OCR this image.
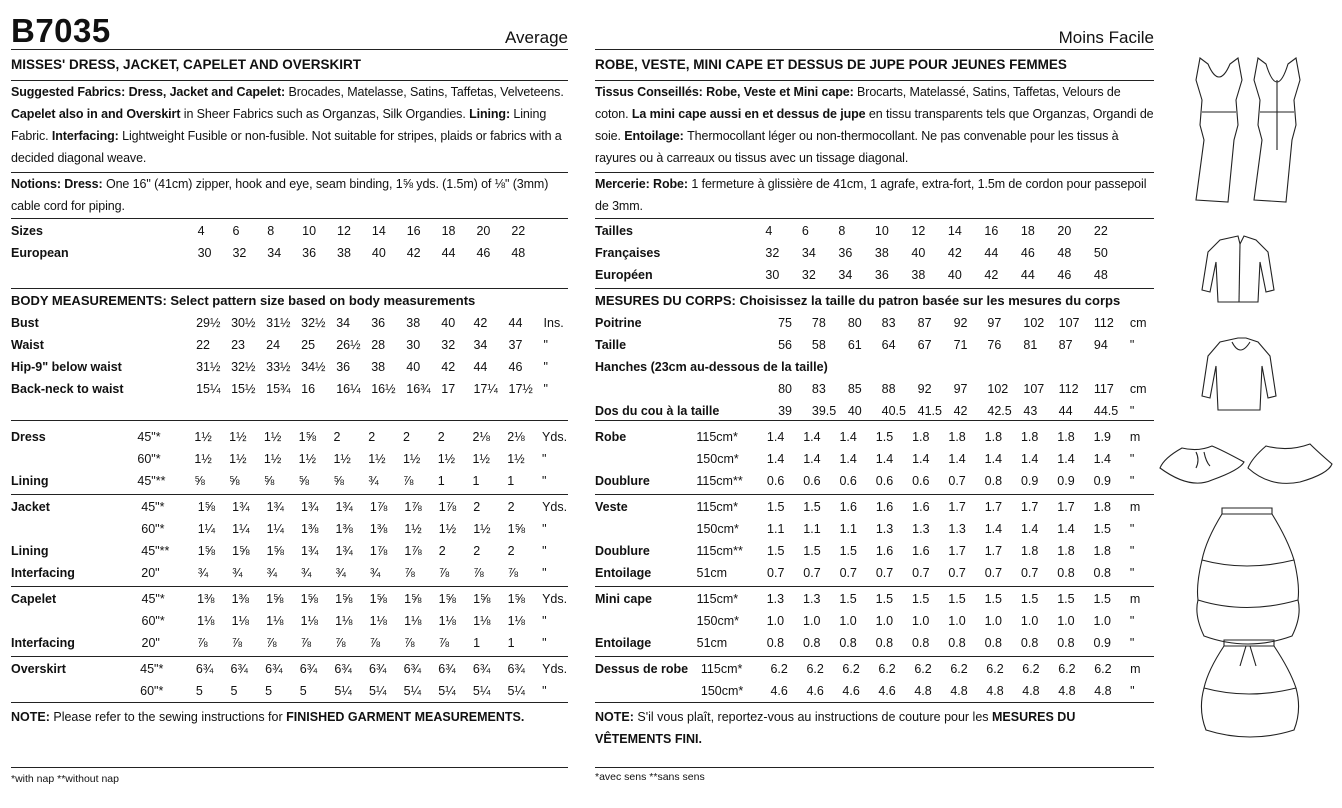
B7035	Average
MISSES' DRESS, JACKET, CAPELET AND OVERSKIRT
Suggested Fabrics: Dress, Jacket and Capelet: Brocades, Matelasse, Satins, Taffetas, Velveteens. Capelet also in and Overskirt in Sheer Fabrics such as Organzas, Silk Organdies. Lining: Lining Fabric. Interfacing: Lightweight Fusible or non-fusible. Not suitable for stripes, plaids or fabrics with a decided diagonal weave.
Notions: Dress: One 16" (41cm) zipper, hook and eye, seam binding, 1⅝ yds. (1.5m) of ⅛" (3mm) cable cord for piping.
Sizes		4	6	8	10	12	14	16	18	20	22	
European		30	32	34	36	38	40	42	44	46	48	
BODY MEASUREMENTS: Select pattern size based on body measurements
Bust		29½	30½	31½	32½	34	36	38	40	42	44	Ins.
Waist		22	23	24	25	26½	28	30	32	34	37	"
Hip-9" below waist		31½	32½	33½	34½	36	38	40	42	44	46	"
Back-neck to waist		15¼	15½	15¾	16	16¼	16½	16¾	17	17¼	17½	"
Dress	45"*	1½	1½	1½	1⅝	2	2	2	2	2⅛	2⅛	Yds.
	60"*	1½	1½	1½	1½	1½	1½	1½	1½	1½	1½	"
Lining	45"**	⅝	⅝	⅝	⅝	⅝	¾	⅞	1	1	1	"
Jacket	45"*	1⅝	1¾	1¾	1¾	1¾	1⅞	1⅞	1⅞	2	2	Yds.
	60"*	1¼	1¼	1¼	1⅜	1⅜	1⅜	1½	1½	1½	1⅝	"
Lining	45"**	1⅝	1⅝	1⅝	1¾	1¾	1⅞	1⅞	2	2	2	"
Interfacing	20"	¾	¾	¾	¾	¾	¾	⅞	⅞	⅞	⅞	"
Capelet	45"*	1⅜	1⅜	1⅝	1⅝	1⅝	1⅝	1⅝	1⅝	1⅝	1⅝	Yds.
	60"*	1⅛	1⅛	1⅛	1⅛	1⅛	1⅛	1⅛	1⅛	1⅛	1⅛	"
Interfacing	20"	⅞	⅞	⅞	⅞	⅞	⅞	⅞	⅞	1	1	"
Overskirt	45"*	6¾	6¾	6¾	6¾	6¾	6¾	6¾	6¾	6¾	6¾	Yds.
	60"*	5	5	5	5	5¼	5¼	5¼	5¼	5¼	5¼	"
NOTE: Please refer to the sewing instructions for FINISHED GARMENT MEASUREMENTS.
*with nap **without nap
Moins Facile
ROBE, VESTE, MINI CAPE ET DESSUS DE JUPE POUR JEUNES FEMMES
Tissus Conseillés: Robe, Veste et Mini cape: Brocarts, Matelassé, Satins, Taffetas, Velours de coton. La mini cape aussi en et dessus de jupe en tissu transparents tels que Organzas, Organdi de soie. Entoilage: Thermocollant léger ou non-thermocollant. Ne pas convenable pour les tissus à rayures ou à carreaux ou tissus avec un tissage diagonal.
Mercerie: Robe: 1 fermeture à glissière de 41cm, 1 agrafe, extra-fort, 1.5m de cordon pour passepoil de 3mm.
Tailles		4	6	8	10	12	14	16	18	20	22	
Françaises		32	34	36	38	40	42	44	46	48	50	
Européen		30	32	34	36	38	40	42	44	46	48	
MESURES DU CORPS: Choisissez la taille du patron basée sur les mesures du corps
Poitrine		75	78	80	83	87	92	97	102	107	112	cm
Taille		56	58	61	64	67	71	76	81	87	94	"
Hanches (23cm au-dessous de la taille)												
		80	83	85	88	92	97	102	107	112	117	cm
Dos du cou à la taille		39	39.5	40	40.5	41.5	42	42.5	43	44	44.5	"
Robe	115cm*	1.4	1.4	1.4	1.5	1.8	1.8	1.8	1.8	1.8	1.9	m
	150cm*	1.4	1.4	1.4	1.4	1.4	1.4	1.4	1.4	1.4	1.4	"
Doublure	115cm**	0.6	0.6	0.6	0.6	0.6	0.7	0.8	0.9	0.9	0.9	"
Veste	115cm*	1.5	1.5	1.6	1.6	1.6	1.7	1.7	1.7	1.7	1.8	m
	150cm*	1.1	1.1	1.1	1.3	1.3	1.3	1.4	1.4	1.4	1.5	"
Doublure	115cm**	1.5	1.5	1.5	1.6	1.6	1.7	1.7	1.8	1.8	1.8	"
Entoilage	51cm	0.7	0.7	0.7	0.7	0.7	0.7	0.7	0.7	0.8	0.8	"
Mini cape	115cm*	1.3	1.3	1.5	1.5	1.5	1.5	1.5	1.5	1.5	1.5	m
	150cm*	1.0	1.0	1.0	1.0	1.0	1.0	1.0	1.0	1.0	1.0	"
Entoilage	51cm	0.8	0.8	0.8	0.8	0.8	0.8	0.8	0.8	0.8	0.9	"
Dessus de robe	115cm*	6.2	6.2	6.2	6.2	6.2	6.2	6.2	6.2	6.2	6.2	m
	150cm*	4.6	4.6	4.6	4.6	4.8	4.8	4.8	4.8	4.8	4.8	"
NOTE: S'il vous plaît, reportez-vous au instructions de couture pour les MESURES DU VÊTEMENTS FINI.
*avec sens **sans sens
